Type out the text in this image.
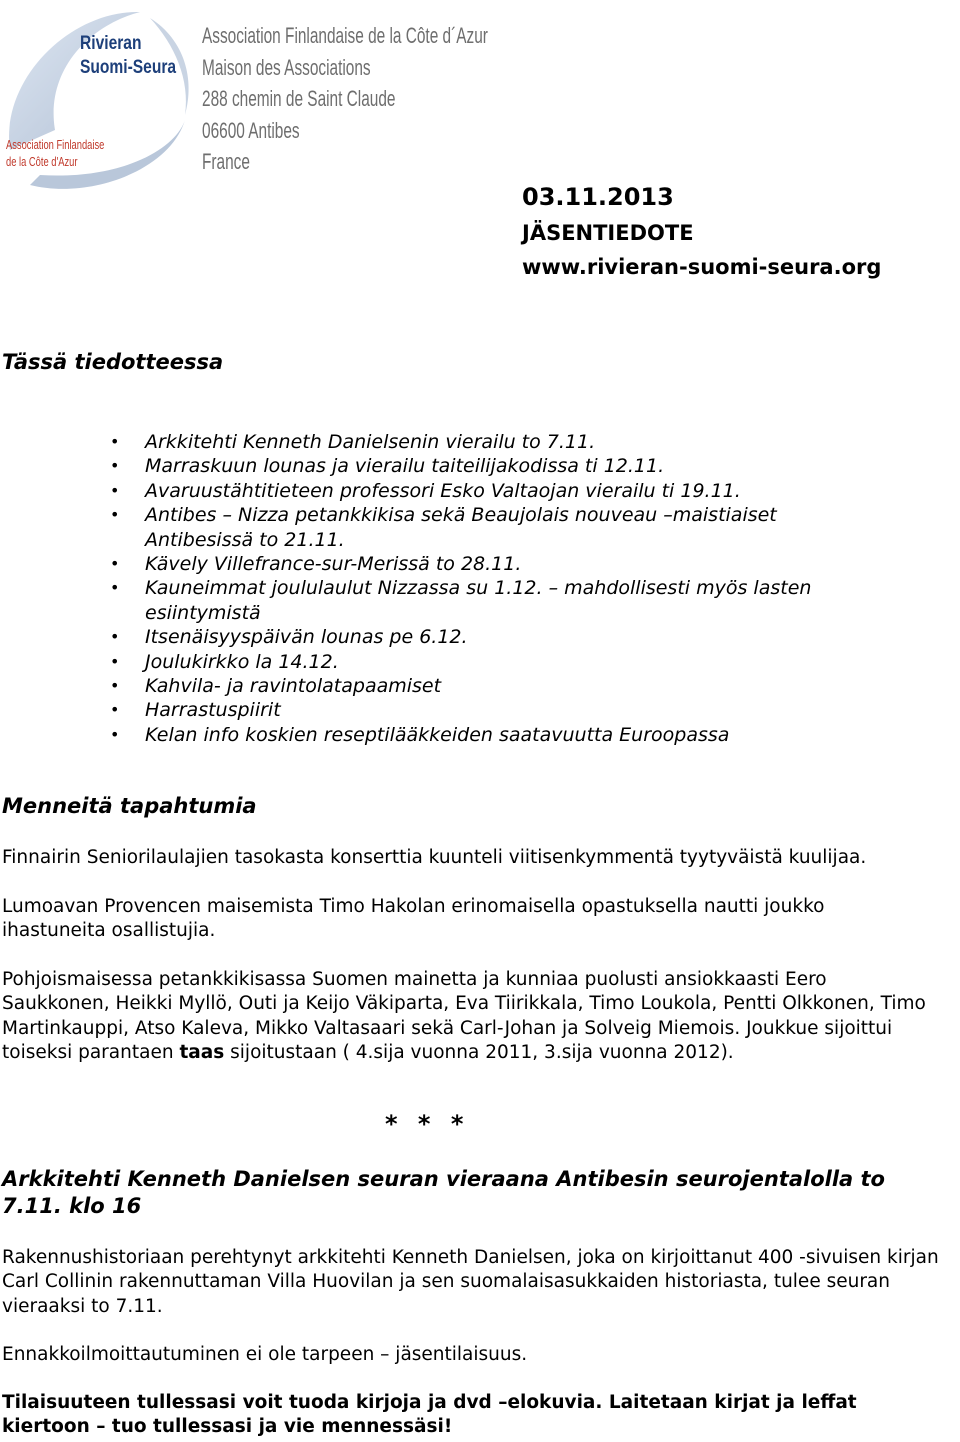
Rivieran
Suomi-Seura
Association Finlandaise
de la Côte d'Azur
Association Finlandaise de la Côte d´Azur
Maison des Associations
288 chemin de Saint Claude
06600 Antibes
France
03.11.2013
JÄSENTIEDOTE
www.rivieran-suomi-seura.org
Tässä tiedotteessa
• Arkkitehti Kenneth Danielsenin vierailu to 7.11.
• Marraskuun lounas ja vierailu taiteilijakodissa ti 12.11.
• Avaruustähtitieteen professori Esko Valtaojan vierailu ti 19.11.
• Antibes – Nizza petankkikisa sekä Beaujolais nouveau –maistiaiset Antibesissä to 21.11.
• Kävely Villefrance-sur-Merissä to 28.11.
• Kauneimmat joululaulut Nizzassa su 1.12. – mahdollisesti myös lasten esiintymistä
• Itsenäisyyspäivän lounas pe 6.12.
• Joulukirkko la 14.12.
• Kahvila- ja ravintolatapaamiset
• Harrastuspiirit
• Kelan info koskien reseptilääkkeiden saatavuutta Euroopassa
Menneitä tapahtumia
Finnairin Seniorilaulajien tasokasta konserttia kuunteli viitisenkymmentä tyytyväistä kuulijaa.
Lumoavan Provencen maisemista Timo Hakolan erinomaisella opastuksella nautti joukko ihastuneita osallistujia.
Pohjoismaisessa petankkikisassa Suomen mainetta ja kunniaa puolusti ansiokkaasti Eero Saukkonen, Heikki Myllö, Outi ja Keijo Väkiparta, Eva Tiirikkala, Timo Loukola, Pentti Olkkonen, Timo Martinkauppi, Atso Kaleva, Mikko Valtasaari sekä Carl-Johan ja Solveig Miemois. Joukkue sijoittui toiseksi parantaen taas sijoitustaan ( 4.sija vuonna 2011, 3.sija vuonna 2012).
* * *
Arkkitehti Kenneth Danielsen seuran vieraana Antibesin seurojentalolla to 7.11. klo 16
Rakennushistoriaan perehtynyt arkkitehti Kenneth Danielsen, joka on kirjoittanut 400 -sivuisen kirjan Carl Collinin rakennuttaman Villa Huovilan ja sen suomalaisasukkaiden historiasta, tulee seuran vieraaksi to 7.11.
Ennakkoilmoittautuminen ei ole tarpeen – jäsentilaisuus.
Tilaisuuteen tullessasi voit tuoda kirjoja ja dvd –elokuvia. Laitetaan kirjat ja leffat kiertoon – tuo tullessasi ja vie mennessäsi!
